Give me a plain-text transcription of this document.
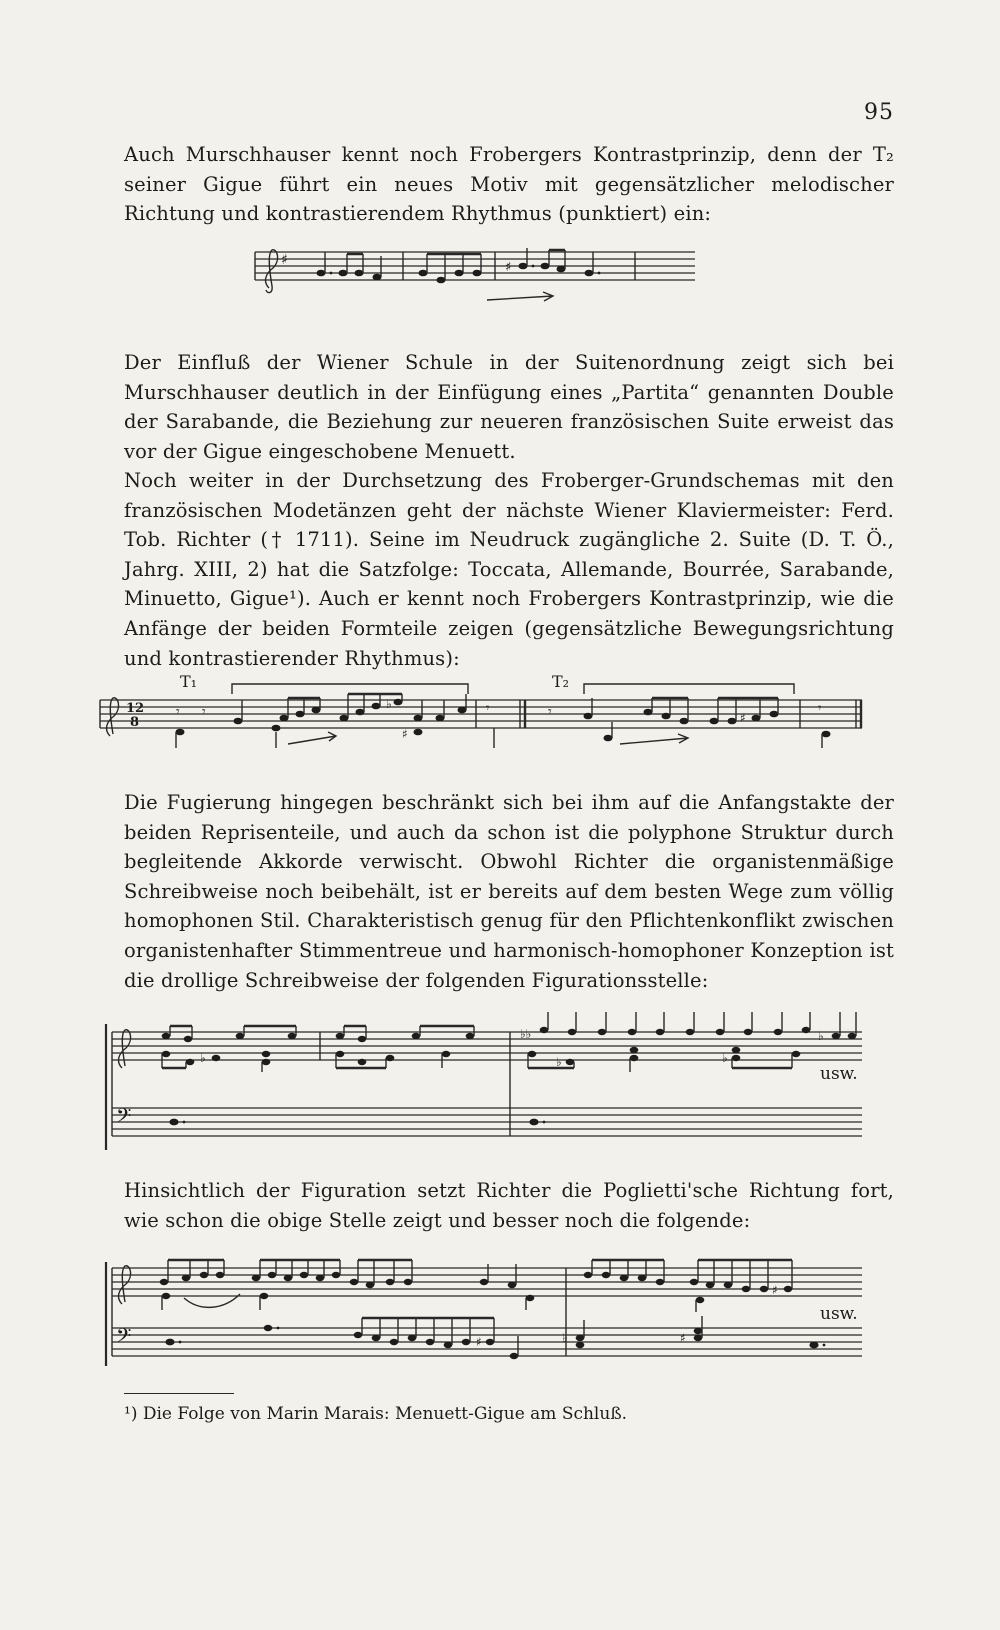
95

Auch Murschhauser kennt noch Frobergers Kontrastprinzip, denn der T₂ seiner Gigue führt ein neues Motiv mit gegensätzlicher melodischer Richtung und kontrastierendem Rhythmus (punktiert) ein:

♯	♯

Der Einfluß der Wiener Schule in der Suitenordnung zeigt sich bei Murschhauser deutlich in der Einfügung eines „Partita“ genannten Double der Sarabande, die Beziehung zur neueren französischen Suite erweist das vor der Gigue eingeschobene Menuett.

Noch weiter in der Durchsetzung des Froberger-Grundschemas mit den französischen Modetänzen geht der nächste Wiener Klaviermeister: Ferd. Tob. Richter († 1711). Seine im Neudruck zugängliche 2. Suite (D. T. Ö., Jahrg. XIII, 2) hat die Satzfolge: Toccata, Allemande, Bourrée, Sarabande, Minuetto, Gigue¹). Auch er kennt noch Frobergers Kontrastprinzip, wie die Anfänge der beiden Formteile zeigen (gegensätzliche Bewegungsrichtung und kontrastierender Rhythmus):

T₁	T₂
12
8
𝄾 𝄾	♭
♯
𝄾	𝄾	♯
𝄾

Die Fugierung hingegen beschränkt sich bei ihm auf die Anfangstakte der beiden Reprisenteile, und auch da schon ist die polyphone Struktur durch begleitende Akkorde verwischt. Obwohl Richter die organistenmäßige Schreibweise noch beibehält, ist er bereits auf dem besten Wege zum völlig homophonen Stil. Charakteristisch genug für den Pflichtenkonflikt zwischen organistenhafter Stimmentreue und harmonisch-homophoner Konzeption ist die drollige Schreibweise der folgenden Figurationsstelle:

𝄢
♭
♭♭	♭
♭	♭
usw.

Hinsichtlich der Figuration setzt Richter die Poglietti'sche Richtung fort, wie schon die obige Stelle zeigt und besser noch die folgende:

𝄢	♯
♯
♭	♯
usw.
¹) Die Folge von Marin Marais: Menuett-Gigue am Schluß.
